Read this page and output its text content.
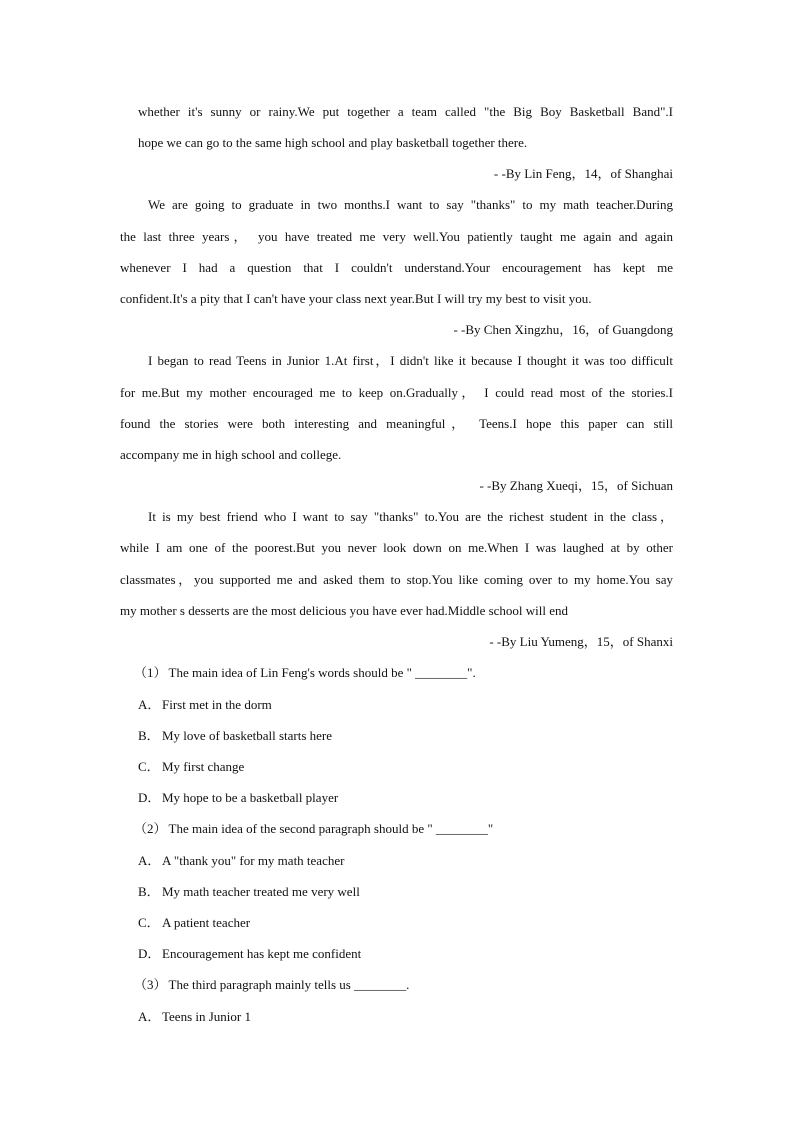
whether it's sunny or rainy.We put together a team called "the Big Boy Basketball Band".I
hope we can go to the same high school and play basketball together there.
- -By Lin Feng，14，of Shanghai
We are going to graduate in two months.I want to say "thanks" to my math teacher.During
the last three years， you have treated me very well.You patiently taught me again and again
whenever I had a question that I couldn't understand.Your encouragement has kept me
confident.It's a pity that I can't have your class next year.But I will try my best to visit you.
- -By Chen Xingzhu，16，of Guangdong
I began to read Teens in Junior 1.At first，I didn't like it because I thought it was too difficult
for me.But my mother encouraged me to keep on.Gradually， I could read most of the stories.I
found the stories were both interesting and meaningful， Teens.I hope this paper can still
accompany me in high school and college.
- -By Zhang Xueqi，15，of Sichuan
It is my best friend who I want to say "thanks" to.You are the richest student in the class，
while I am one of the poorest.But you never look down on me.When I was laughed at by other
classmates，you supported me and asked them to stop.You like coming over to my home.You say
my mother s desserts are the most delicious you have ever had.Middle school will end
- -By Liu Yumeng，15，of Shanxi
（1） The main idea of Lin Feng's words should be " ________".
A． First met in the dorm
B． My love of basketball starts here
C． My first change
D． My hope to be a basketball player
（2） The main idea of the second paragraph should be " ________"
A． A "thank you" for my math teacher
B． My math teacher treated me very well
C． A patient teacher
D． Encouragement has kept me confident
（3） The third paragraph mainly tells us ________.
A． Teens in Junior 1
